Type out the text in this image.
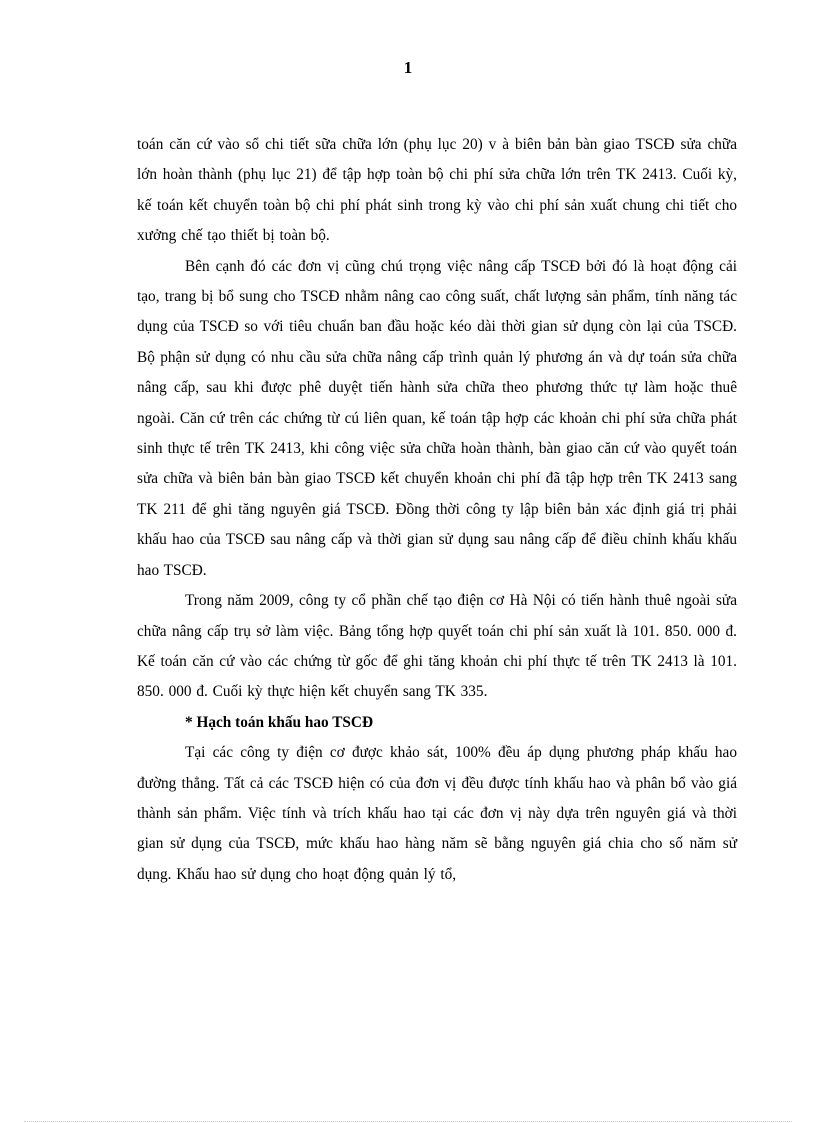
1

toán căn cứ vào sổ chi tiết sữa chữa lớn (phụ lục 20) v à biên bản bàn giao TSCĐ sửa chữa lớn hoàn thành (phụ lục 21) để tập hợp toàn bộ chi phí sửa chữa lớn trên TK 2413. Cuối kỳ, kế toán kết chuyển toàn bộ chi phí phát sinh trong kỳ vào chi phí sản xuất chung chi tiết cho xưởng chế tạo thiết bị toàn bộ.

Bên cạnh đó các đơn vị cũng chú trọng việc nâng cấp TSCĐ bởi đó là hoạt động cải tạo, trang bị bổ sung cho TSCĐ nhằm nâng cao công suất, chất lượng sản phẩm, tính năng tác dụng của TSCĐ so với tiêu chuẩn ban đầu hoặc kéo dài thời gian sử dụng còn lại của TSCĐ. Bộ phận sử dụng có nhu cầu sửa chữa nâng cấp trình quản lý phương án và dự toán sửa chữa nâng cấp, sau khi được phê duyệt tiến hành sửa chữa theo phương thức tự làm hoặc thuê ngoài. Căn cứ trên các chứng từ cú liên quan, kế toán tập hợp các khoản chi phí sửa chữa phát sinh thực tế trên TK 2413, khi công việc sửa chữa hoàn thành, bàn giao căn cứ vào quyết toán sửa chữa và biên bản bàn giao TSCĐ kết chuyển khoản chi phí đã tập hợp trên TK 2413 sang TK 211 để ghi tăng nguyên giá TSCĐ. Đồng thời công ty lập biên bản xác định giá trị phải khấu hao của TSCĐ sau nâng cấp và thời gian sử dụng sau nâng cấp để điều chỉnh khấu khấu hao TSCĐ.

Trong năm 2009, công ty cổ phần chế tạo điện cơ Hà Nội có tiến hành thuê ngoài sửa chữa nâng cấp trụ sở làm việc. Bảng tổng hợp quyết toán chi phí sản xuất là 101. 850. 000 đ. Kế toán căn cứ vào các chứng từ gốc để ghi tăng khoản chi phí thực tế trên TK 2413 là 101. 850. 000 đ. Cuối kỳ thực hiện kết chuyển sang TK 335.

* Hạch toán khấu hao TSCĐ

Tại các công ty điện cơ được khảo sát, 100% đều áp dụng phương pháp khấu hao đường thẳng. Tất cả các TSCĐ hiện có của đơn vị đều được tính khấu hao và phân bổ vào giá thành sản phẩm. Việc tính và trích khấu hao tại các đơn vị này dựa trên nguyên giá và thời gian sử dụng của TSCĐ, mức khấu hao hàng năm sẽ bằng nguyên giá chia cho số năm sử dụng. Khấu hao sử dụng cho hoạt động quản lý tổ,
